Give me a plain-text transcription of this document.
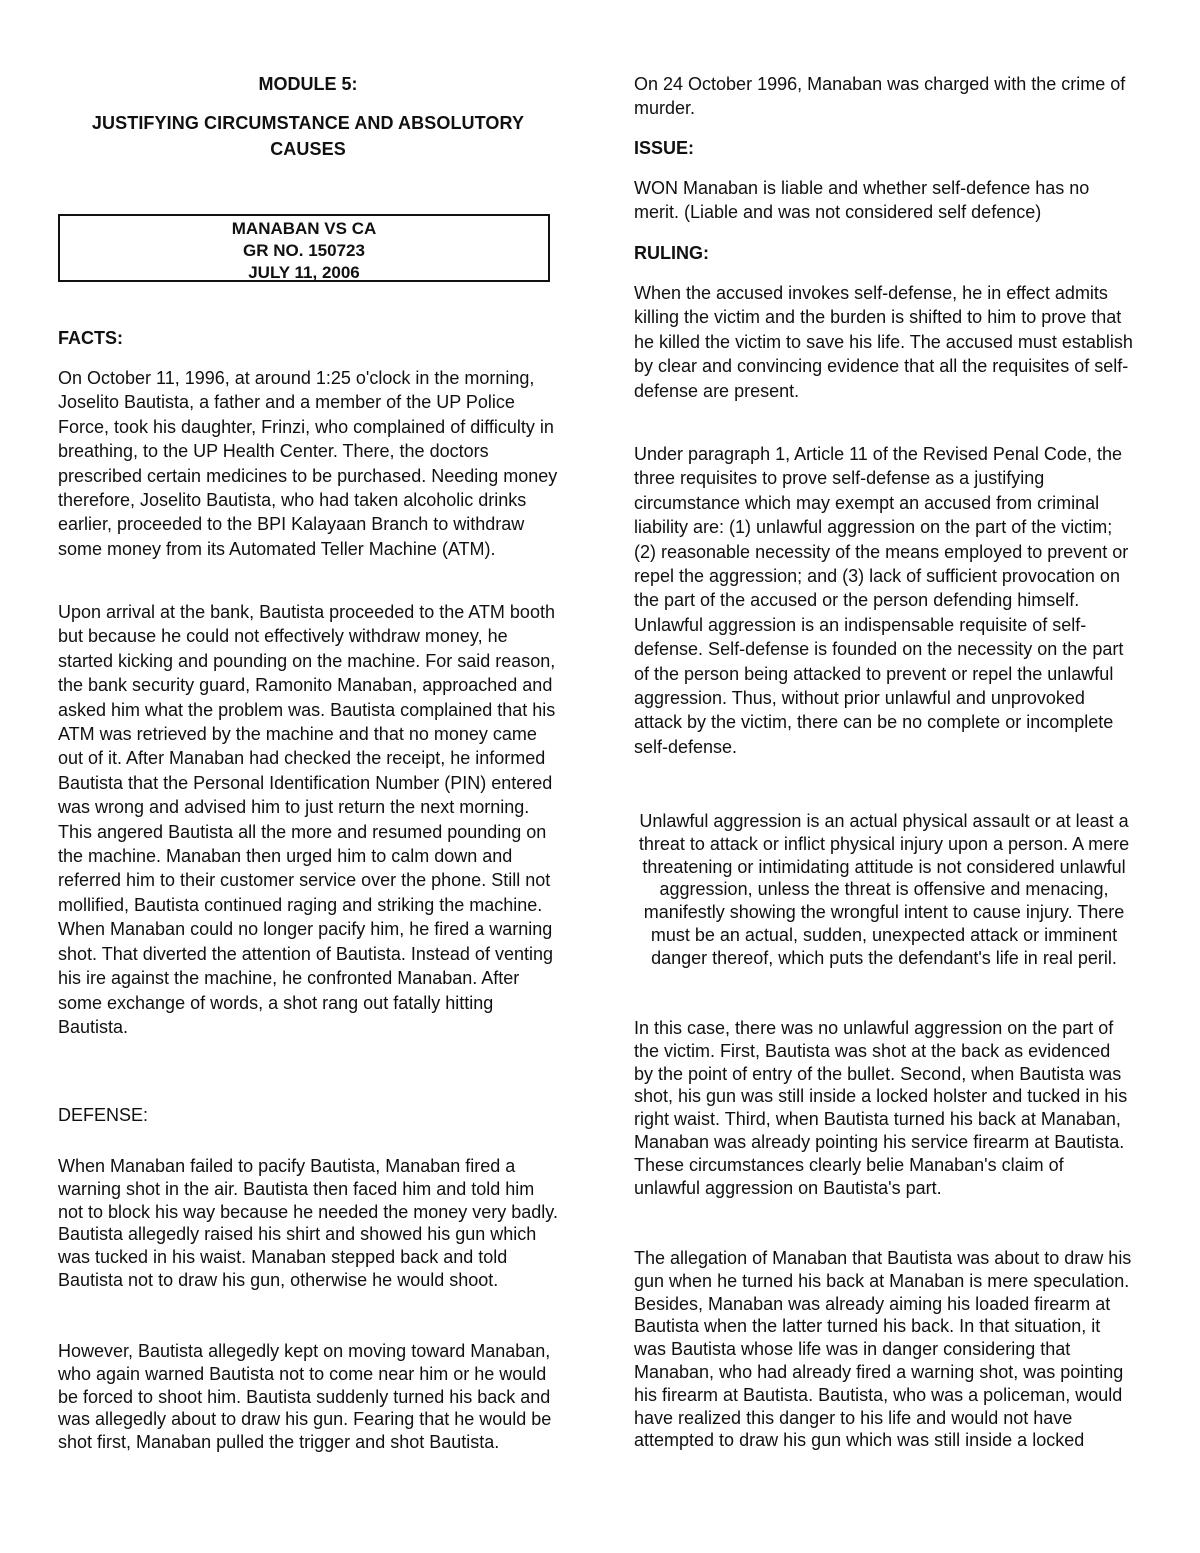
MODULE 5:
JUSTIFYING CIRCUMSTANCE AND ABSOLUTORY
CAUSES
MANABAN VS CA
GR NO. 150723
JULY 11, 2006

FACTS:

On October 11, 1996, at around 1:25 o'clock in the morning, Joselito Bautista, a father and a member of the UP Police Force, took his daughter, Frinzi, who complained of difficulty in breathing, to the UP Health Center. There, the doctors prescribed certain medicines to be purchased. Needing money therefore, Joselito Bautista, who had taken alcoholic drinks earlier, proceeded to the BPI Kalayaan Branch to withdraw some money from its Automated Teller Machine (ATM).

Upon arrival at the bank, Bautista proceeded to the ATM booth but because he could not effectively withdraw money, he started kicking and pounding on the machine. For said reason, the bank security guard, Ramonito Manaban, approached and asked him what the problem was. Bautista complained that his ATM was retrieved by the machine and that no money came out of it. After Manaban had checked the receipt, he informed Bautista that the Personal Identification Number (PIN) entered was wrong and advised him to just return the next morning. This angered Bautista all the more and resumed pounding on the machine. Manaban then urged him to calm down and referred him to their customer service over the phone. Still not mollified, Bautista continued raging and striking the machine. When Manaban could no longer pacify him, he fired a warning shot. That diverted the attention of Bautista. Instead of venting his ire against the machine, he confronted Manaban. After some exchange of words, a shot rang out fatally hitting Bautista.

DEFENSE:

When Manaban failed to pacify Bautista, Manaban fired a warning shot in the air. Bautista then faced him and told him not to block his way because he needed the money very badly. Bautista allegedly raised his shirt and showed his gun which was tucked in his waist. Manaban stepped back and told Bautista not to draw his gun, otherwise he would shoot.

However, Bautista allegedly kept on moving toward Manaban, who again warned Bautista not to come near him or he would be forced to shoot him. Bautista suddenly turned his back and was allegedly about to draw his gun. Fearing that he would be shot first, Manaban pulled the trigger and shot Bautista.

On 24 October 1996, Manaban was charged with the crime of murder.

ISSUE:

WON Manaban is liable and whether self-defence has no merit. (Liable and was not considered self defence)

RULING:

When the accused invokes self-defense, he in effect admits killing the victim and the burden is shifted to him to prove that he killed the victim to save his life. The accused must establish by clear and convincing evidence that all the requisites of self-defense are present.

Under paragraph 1, Article 11 of the Revised Penal Code, the three requisites to prove self-defense as a justifying circumstance which may exempt an accused from criminal liability are: (1) unlawful aggression on the part of the victim; (2) reasonable necessity of the means employed to prevent or repel the aggression; and (3) lack of sufficient provocation on the part of the accused or the person defending himself. Unlawful aggression is an indispensable requisite of self-defense. Self-defense is founded on the necessity on the part of the person being attacked to prevent or repel the unlawful aggression. Thus, without prior unlawful and unprovoked attack by the victim, there can be no complete or incomplete self-defense.

Unlawful aggression is an actual physical assault or at least a threat to attack or inflict physical injury upon a person. A mere threatening or intimidating attitude is not considered unlawful aggression, unless the threat is offensive and menacing, manifestly showing the wrongful intent to cause injury. There must be an actual, sudden, unexpected attack or imminent danger thereof, which puts the defendant's life in real peril.

In this case, there was no unlawful aggression on the part of the victim. First, Bautista was shot at the back as evidenced by the point of entry of the bullet. Second, when Bautista was shot, his gun was still inside a locked holster and tucked in his right waist. Third, when Bautista turned his back at Manaban, Manaban was already pointing his service firearm at Bautista. These circumstances clearly belie Manaban's claim of unlawful aggression on Bautista's part.

The allegation of Manaban that Bautista was about to draw his gun when he turned his back at Manaban is mere speculation. Besides, Manaban was already aiming his loaded firearm at Bautista when the latter turned his back. In that situation, it was Bautista whose life was in danger considering that Manaban, who had already fired a warning shot, was pointing his firearm at Bautista. Bautista, who was a policeman, would have realized this danger to his life and would not have attempted to draw his gun which was still inside a locked
